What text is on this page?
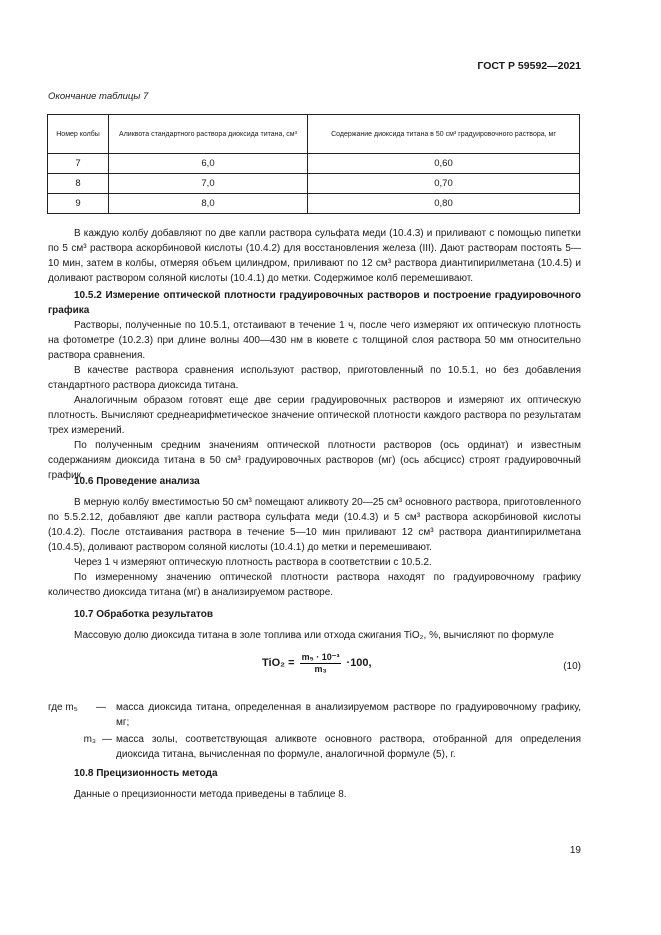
ГОСТ Р 59592—2021
Окончание таблицы 7
Номер колбы	Аликвота стандартного раствора диоксида титана, см³	Содержание диоксида титана в 50 см³ градуировочного раствора, мг
7	6,0	0,60
8	7,0	0,70
9	8,0	0,80

В каждую колбу добавляют по две капли раствора сульфата меди (10.4.3) и приливают с помощью пипетки по 5 см³ раствора аскорбиновой кислоты (10.4.2) для восстановления железа (III). Дают растворам постоять 5—10 мин, затем в колбы, отмеряя объем цилиндром, приливают по 12 см³ раствора диантипирилметана (10.4.5) и доливают раствором соляной кислоты (10.4.1) до метки. Содержимое колб перемешивают.

10.5.2 Измерение оптической плотности градуировочных растворов и построение градуировочного графика

Растворы, полученные по 10.5.1, отстаивают в течение 1 ч, после чего измеряют их оптическую плотность на фотометре (10.2.3) при длине волны 400—430 нм в кювете с толщиной слоя раствора 50 мм относительно раствора сравнения.

В качестве раствора сравнения используют раствор, приготовленный по 10.5.1, но без добавления стандартного раствора диоксида титана.

Аналогичным образом готовят еще две серии градуировочных растворов и измеряют их оптическую плотность. Вычисляют среднеарифметическое значение оптической плотности каждого раствора по результатам трех измерений.

По полученным средним значениям оптической плотности растворов (ось ординат) и известным содержаниям диоксида титана в 50 см³ градуировочных растворов (мг) (ось абсцисс) строят градуировочный график.

10.6 Проведение анализа

В мерную колбу вместимостью 50 см³ помещают аликвоту 20—25 см³ основного раствора, приготовленного по 5.5.2.12, добавляют две капли раствора сульфата меди (10.4.3) и 5 см³ раствора аскорбиновой кислоты (10.4.2). После отстаивания раствора в течение 5—10 мин приливают 12 см³ раствора диантипирилметана (10.4.5), доливают раствором соляной кислоты (10.4.1) до метки и перемешивают.

Через 1 ч измеряют оптическую плотность раствора в соответствии с 10.5.2.

По измеренному значению оптической плотности раствора находят по градуировочному графику количество диоксида титана (мг) в анализируемом растворе.

10.7 Обработка результатов

Массовую долю диоксида титана в золе топлива или отхода сжигания TiO₂, %, вычисляют по формуле

$TiO_2 = \frac{\text{m₅ · 10⁻³}}{\text{m₃}} \cdot 100$,	(10)
где m₅	—	масса диоксида титана, определенная в анализируемом растворе по градуировочному графику, мг;
m₃ — масса золы, соответствующая аликвоте основного раствора, отобранной для определения диоксида титана, вычисленная по формуле, аналогичной формуле (5), г.

10.8 Прецизионность метода

Данные о прецизионности метода приведены в таблице 8.

19
